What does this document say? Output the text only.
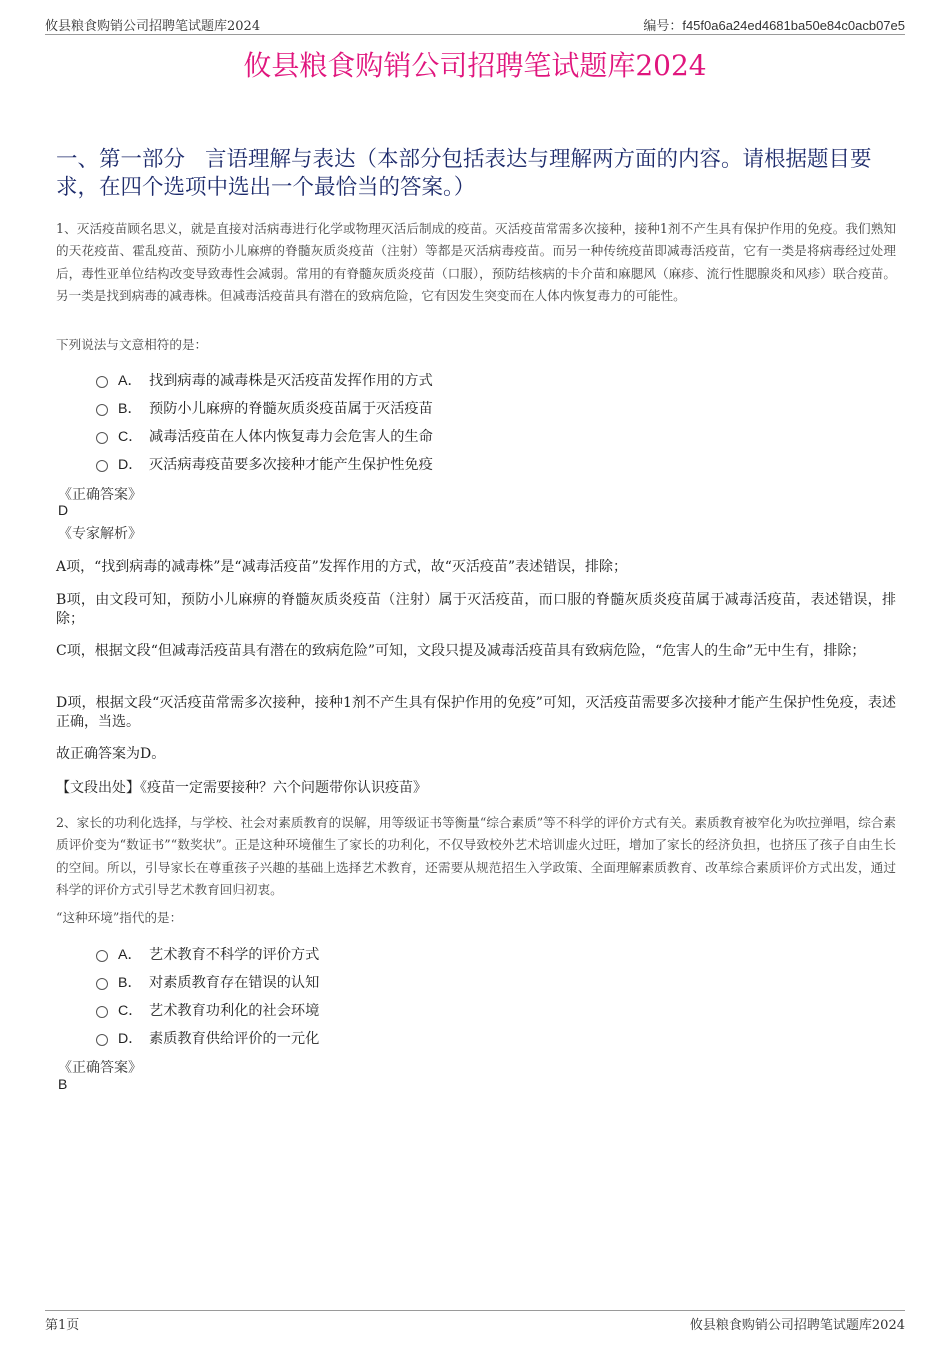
攸县粮食购销公司招聘笔试题库2024	编号：f45f0a6a24ed4681ba50e84c0acb07e5
攸县粮食购销公司招聘笔试题库2024
一、第一部分 言语理解与表达（本部分包括表达与理解两方面的内容。请根据题目要求，在四个选项中选出一个最恰当的答案。）
1、灭活疫苗顾名思义，就是直接对活病毒进行化学或物理灭活后制成的疫苗。灭活疫苗常需多次接种，接种1剂不产生具有保护作用的免疫。我们熟知的天花疫苗、霍乱疫苗、预防小儿麻痹的脊髓灰质炎疫苗（注射）等都是灭活病毒疫苗。而另一种传统疫苗即减毒活疫苗，它有一类是将病毒经过处理后，毒性亚单位结构改变导致毒性会减弱。常用的有脊髓灰质炎疫苗（口服），预防结核病的卡介苗和麻腮风（麻疹、流行性腮腺炎和风疹）联合疫苗。另一类是找到病毒的减毒株。但减毒活疫苗具有潜在的致病危险，它有因发生突变而在人体内恢复毒力的可能性。
下列说法与文意相符的是：
A． 找到病毒的减毒株是灭活疫苗发挥作用的方式
B． 预防小儿麻痹的脊髓灰质炎疫苗属于灭活疫苗
C． 减毒活疫苗在人体内恢复毒力会危害人的生命
D． 灭活病毒疫苗要多次接种才能产生保护性免疫
《正确答案》
D
《专家解析》
A项，“找到病毒的减毒株”是“减毒活疫苗”发挥作用的方式，故“灭活疫苗”表述错误，排除；
B项，由文段可知，预防小儿麻痹的脊髓灰质炎疫苗（注射）属于灭活疫苗，而口服的脊髓灰质炎疫苗属于减毒活疫苗，表述错误，排除；
C项，根据文段“但减毒活疫苗具有潜在的致病危险”可知，文段只提及减毒活疫苗具有致病危险，“危害人的生命”无中生有，排除；
D项，根据文段“灭活疫苗常需多次接种，接种1剂不产生具有保护作用的免疫”可知，灭活疫苗需要多次接种才能产生保护性免疫，表述正确，当选。
故正确答案为D。
【文段出处】《疫苗一定需要接种？六个问题带你认识疫苗》
2、家长的功利化选择，与学校、社会对素质教育的误解，用等级证书等衡量“综合素质”等不科学的评价方式有关。素质教育被窄化为吹拉弹唱，综合素质评价变为“数证书”“数奖状”。正是这种环境催生了家长的功利化，不仅导致校外艺术培训虚火过旺，增加了家长的经济负担，也挤压了孩子自由生长的空间。所以，引导家长在尊重孩子兴趣的基础上选择艺术教育，还需要从规范招生入学政策、全面理解素质教育、改革综合素质评价方式出发，通过科学的评价方式引导艺术教育回归初衷。
“这种环境”指代的是：
A． 艺术教育不科学的评价方式
B． 对素质教育存在错误的认知
C． 艺术教育功利化的社会环境
D． 素质教育供给评价的一元化
《正确答案》
B
第1页	攸县粮食购销公司招聘笔试题库2024
